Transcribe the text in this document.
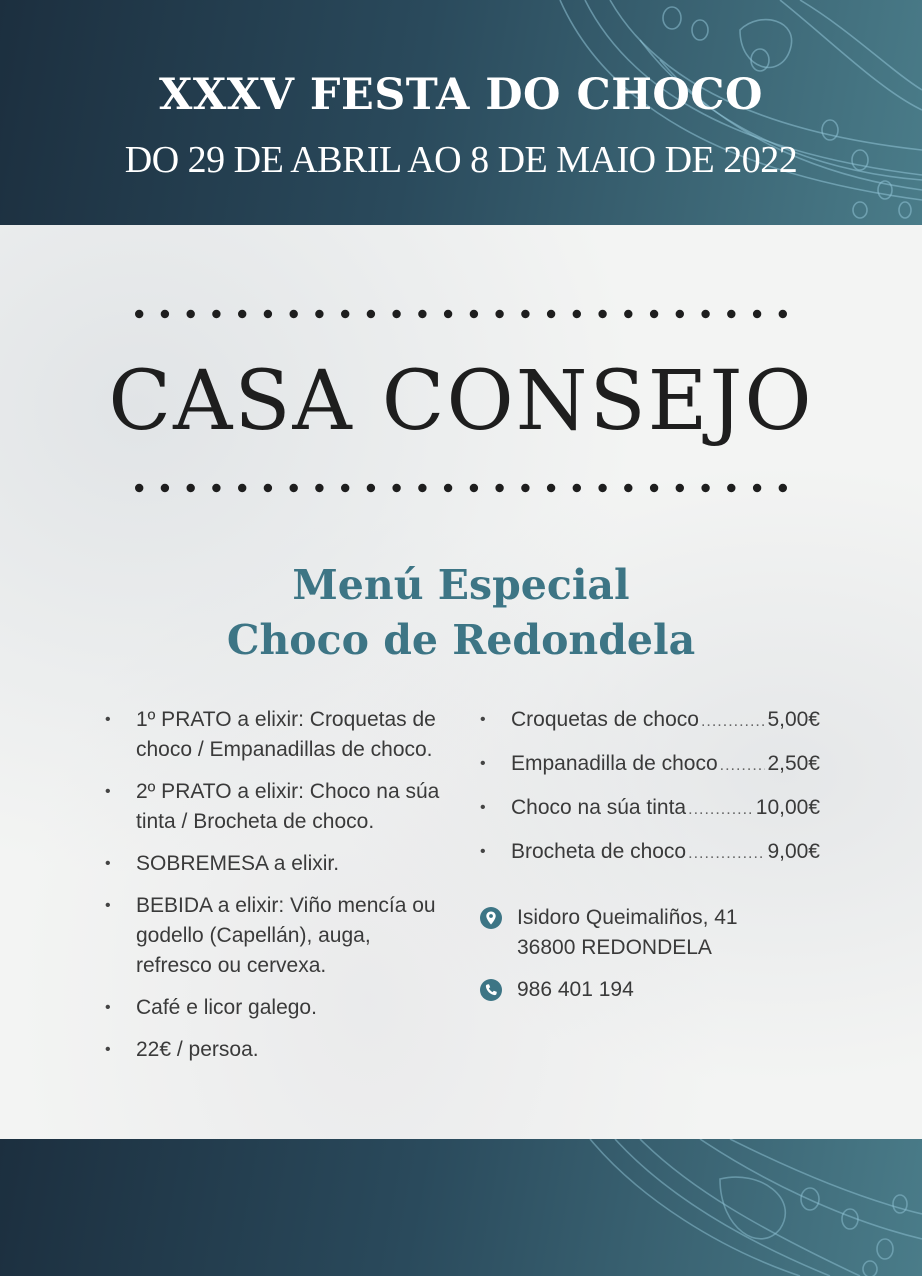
XXXV FESTA DO CHOCO
DO 29 DE ABRIL AO 8 DE MAIO DE 2022
CASA CONSEJO
Menú Especial
Choco de Redondela
• 1º PRATO a elixir: Croquetas de choco / Empanadillas de choco.
• 2º PRATO a elixir: Choco na súa tinta / Brocheta de choco.
• SOBREMESA a elixir.
• BEBIDA a elixir: Viño mencía ou godello (Capellán), auga, refresco ou cervexa.
• Café e licor galego.
• 22€ / persoa.
• Croquetas de choco .....	5,00€
• Empanadilla de choco ..... 2,50€
• Choco na súa tinta .....	10,00€
• Brocheta de choco .....	9,00€
Isidoro Queimaliños, 41
36800 REDONDELA
986 401 194
